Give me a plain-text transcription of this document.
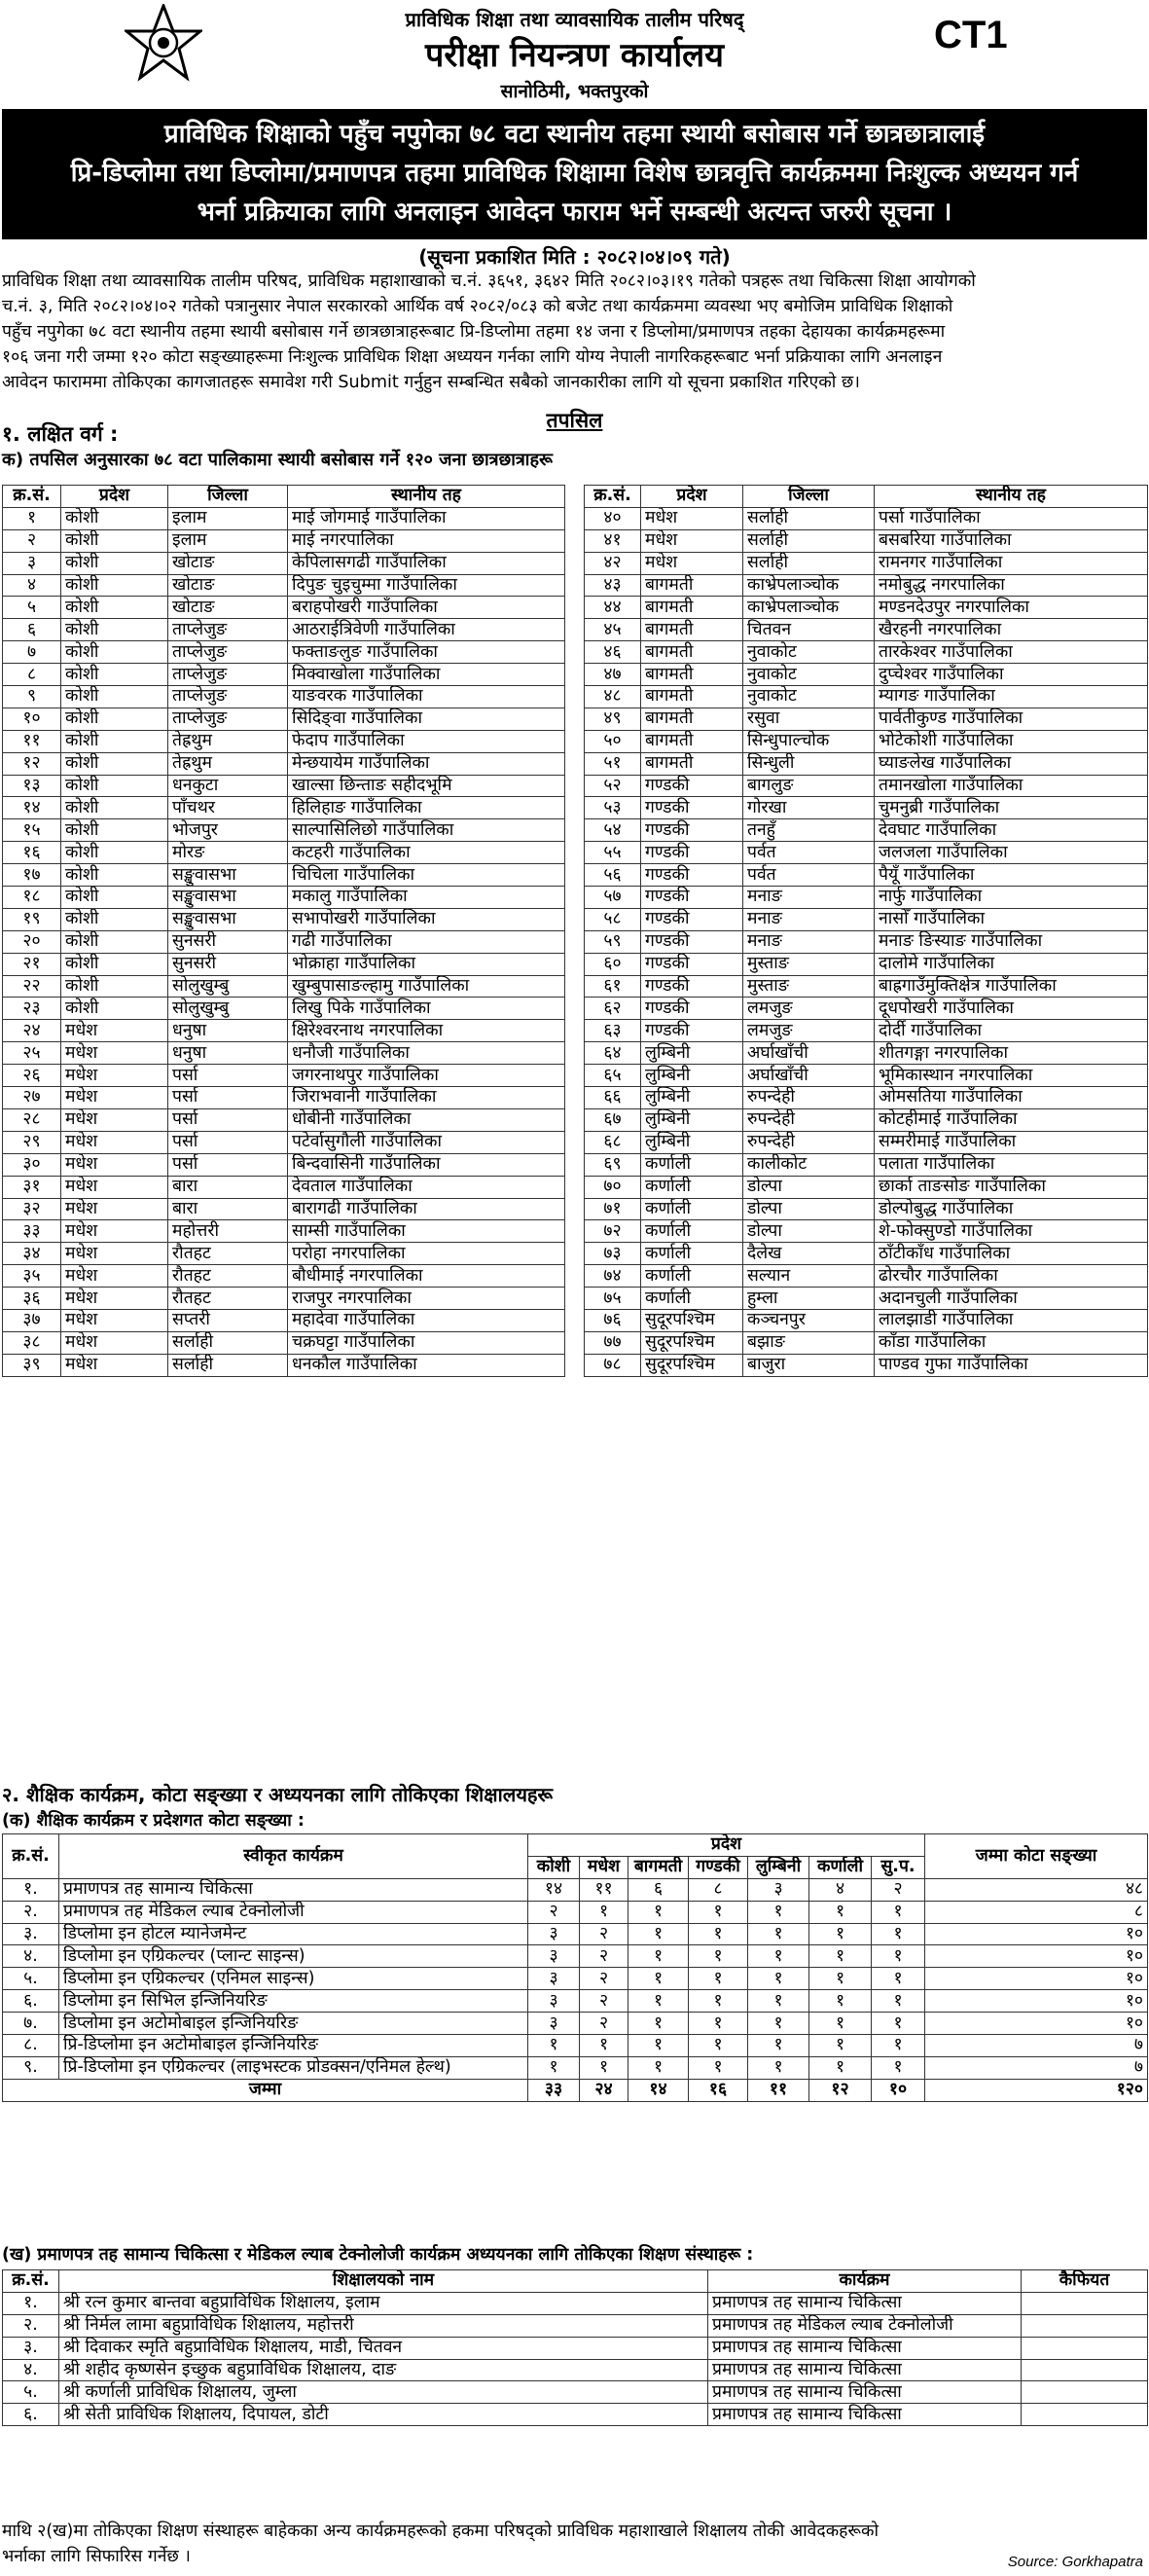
प्राविधिक शिक्षा तथा व्यावसायिक तालीम परिषद्
परीक्षा नियन्त्रण कार्यालय
सानोठिमी, भक्तपुरको
CT1
प्राविधिक शिक्षाको पहुँच नपुगेका ७८ वटा स्थानीय तहमा स्थायी बसोबास गर्ने छात्रछात्रालाई
प्रि-डिप्लोमा तथा डिप्लोमा/प्रमाणपत्र तहमा प्राविधिक शिक्षामा विशेष छात्रवृत्ति कार्यक्रममा निःशुल्क अध्ययन गर्न
भर्ना प्रक्रियाका लागि अनलाइन आवेदन फाराम भर्ने सम्बन्धी अत्यन्त जरुरी सूचना ।
(सूचना प्रकाशित मिति : २०८२।०४।०९ गते)
प्राविधिक शिक्षा तथा व्यावसायिक तालीम परिषद, प्राविधिक महाशाखाको च.नं. ३६५१, ३६४२ मिति २०८२।०३।१९ गतेको पत्रहरू तथा चिकित्सा शिक्षा आयोगको
च.नं. ३, मिति २०८२।०४।०२ गतेको पत्रानुसार नेपाल सरकारको आर्थिक वर्ष २०८२/०८३ को बजेट तथा कार्यक्रममा व्यवस्था भए बमोजिम प्राविधिक शिक्षाको
पहुँच नपुगेका ७८ वटा स्थानीय तहमा स्थायी बसोबास गर्ने छात्रछात्राहरूबाट प्रि-डिप्लोमा तहमा १४ जना र डिप्लोमा/प्रमाणपत्र तहका देहायका कार्यक्रमहरूमा
१०६ जना गरी जम्मा १२० कोटा सङ्ख्याहरूमा निःशुल्क प्राविधिक शिक्षा अध्ययन गर्नका लागि योग्य नेपाली नागरिकहरूबाट भर्ना प्रक्रियाका लागि अनलाइन
आवेदन फाराममा तोकिएका कागजातहरू समावेश गरी Submit गर्नुहुन सम्बन्धित सबैको जानकारीका लागि यो सूचना प्रकाशित गरिएको छ।
तपसिल
१. लक्षित वर्ग :
क) तपसिल अनुसारका ७८ वटा पालिकामा स्थायी बसोबास गर्ने १२० जना छात्रछात्राहरू
क्र.सं.	प्रदेश	जिल्ला	स्थानीय तह
१	कोशी	इलाम	माई जोगमाई गाउँपालिका
२	कोशी	इलाम	माई नगरपालिका
३	कोशी	खोटाङ	केपिलासगढी गाउँपालिका
४	कोशी	खोटाङ	दिपुङ चुइचुम्मा गाउँपालिका
५	कोशी	खोटाङ	बराहपोखरी गाउँपालिका
६	कोशी	ताप्लेजुङ	आठराईत्रिवेणी गाउँपालिका
७	कोशी	ताप्लेजुङ	फक्ताङलुङ गाउँपालिका
८	कोशी	ताप्लेजुङ	मिक्वाखोला गाउँपालिका
९	कोशी	ताप्लेजुङ	याङवरक गाउँपालिका
१०	कोशी	ताप्लेजुङ	सिदिङ्वा गाउँपालिका
११	कोशी	तेह्रथुम	फेदाप गाउँपालिका
१२	कोशी	तेह्रथुम	मेन्छयायेम गाउँपालिका
१३	कोशी	धनकुटा	खाल्सा छिन्ताङ सहीदभूमि
१४	कोशी	पाँचथर	हिलिहाङ गाउँपालिका
१५	कोशी	भोजपुर	साल्पासिलिछो गाउँपालिका
१६	कोशी	मोरङ	कटहरी गाउँपालिका
१७	कोशी	सङ्खुवासभा	चिचिला गाउँपालिका
१८	कोशी	सङ्खुवासभा	मकालु गाउँपालिका
१९	कोशी	सङ्खुवासभा	सभापोखरी गाउँपालिका
२०	कोशी	सुनसरी	गढी गाउँपालिका
२१	कोशी	सुनसरी	भोक्राहा गाउँपालिका
२२	कोशी	सोलुखुम्बु	खुम्बुपासाङल्हामु गाउँपालिका
२३	कोशी	सोलुखुम्बु	लिखु पिके गाउँपालिका
२४	मधेश	धनुषा	क्षिरेश्वरनाथ नगरपालिका
२५	मधेश	धनुषा	धनौजी गाउँपालिका
२६	मधेश	पर्सा	जगरनाथपुर गाउँपालिका
२७	मधेश	पर्सा	जिराभवानी गाउँपालिका
२८	मधेश	पर्सा	धोबीनी गाउँपालिका
२९	मधेश	पर्सा	पटेर्वासुगौली गाउँपालिका
३०	मधेश	पर्सा	बिन्दवासिनी गाउँपालिका
३१	मधेश	बारा	देवताल गाउँपालिका
३२	मधेश	बारा	बारागढी गाउँपालिका
३३	मधेश	महोत्तरी	साम्सी गाउँपालिका
३४	मधेश	रौतहट	परोहा नगरपालिका
३५	मधेश	रौतहट	बौधीमाई नगरपालिका
३६	मधेश	रौतहट	राजपुर नगरपालिका
३७	मधेश	सप्तरी	महादेवा गाउँपालिका
३८	मधेश	सर्लाही	चक्रघट्टा गाउँपालिका
३९	मधेश	सर्लाही	धनकौल गाउँपालिका
क्र.सं.	प्रदेश	जिल्ला	स्थानीय तह
४०	मधेश	सर्लाही	पर्सा गाउँपालिका
४१	मधेश	सर्लाही	बसबरिया गाउँपालिका
४२	मधेश	सर्लाही	रामनगर गाउँपालिका
४३	बागमती	काभ्रेपलाञ्चोक	नमोबुद्ध नगरपालिका
४४	बागमती	काभ्रेपलाञ्चोक	मण्डनदेउपुर नगरपालिका
४५	बागमती	चितवन	खैरहनी नगरपालिका
४६	बागमती	नुवाकोट	तारकेश्वर गाउँपालिका
४७	बागमती	नुवाकोट	दुप्चेश्वर गाउँपालिका
४८	बागमती	नुवाकोट	म्यागङ गाउँपालिका
४९	बागमती	रसुवा	पार्वतीकुण्ड गाउँपालिका
५०	बागमती	सिन्धुपाल्चोक	भोटेकोशी गाउँपालिका
५१	बागमती	सिन्धुली	घ्याङलेख गाउँपालिका
५२	गण्डकी	बागलुङ	तमानखोला गाउँपालिका
५३	गण्डकी	गोरखा	चुमनुब्री गाउँपालिका
५४	गण्डकी	तनहुँ	देवघाट गाउँपालिका
५५	गण्डकी	पर्वत	जलजला गाउँपालिका
५६	गण्डकी	पर्वत	पैयूँ गाउँपालिका
५७	गण्डकी	मनाङ	नार्फु गाउँपालिका
५८	गण्डकी	मनाङ	नासोँ गाउँपालिका
५९	गण्डकी	मनाङ	मनाङ ङिस्याङ गाउँपालिका
६०	गण्डकी	मुस्ताङ	दालोमे गाउँपालिका
६१	गण्डकी	मुस्ताङ	बाह्रगाउँमुक्तिक्षेत्र गाउँपालिका
६२	गण्डकी	लमजुङ	दूधपोखरी गाउँपालिका
६३	गण्डकी	लमजुङ	दोर्दी गाउँपालिका
६४	लुम्बिनी	अर्घाखाँची	शीतगङ्गा नगरपालिका
६५	लुम्बिनी	अर्घाखाँची	भूमिकास्थान नगरपालिका
६६	लुम्बिनी	रुपन्देही	ओमसतिया गाउँपालिका
६७	लुम्बिनी	रुपन्देही	कोटहीमाई गाउँपालिका
६८	लुम्बिनी	रुपन्देही	सम्मरीमाई गाउँपालिका
६९	कर्णाली	कालीकोट	पलाता गाउँपालिका
७०	कर्णाली	डोल्पा	छार्का ताङसोङ गाउँपालिका
७१	कर्णाली	डोल्पा	डोल्पोबुद्ध गाउँपालिका
७२	कर्णाली	डोल्पा	शे-फोक्सुण्डो गाउँपालिका
७३	कर्णाली	दैलेख	ठाँटीकाँध गाउँपालिका
७४	कर्णाली	सल्यान	ढोरचौर गाउँपालिका
७५	कर्णाली	हुम्ला	अदानचुली गाउँपालिका
७६	सुदूरपश्चिम	कञ्चनपुर	लालझाडी गाउँपालिका
७७	सुदूरपश्चिम	बझाङ	काँडा गाउँपालिका
७८	सुदूरपश्चिम	बाजुरा	पाण्डव गुफा गाउँपालिका
२. शैक्षिक कार्यक्रम, कोटा सङ्ख्या र अध्ययनका लागि तोकिएका शिक्षालयहरू
(क) शैक्षिक कार्यक्रम र प्रदेशगत कोटा सङ्ख्या :
क्र.सं.	स्वीकृत कार्यक्रम	प्रदेश							जम्मा कोटा सङ्ख्या
		कोशी	मधेश	बागमती	गण्डकी	लुम्बिनी	कर्णाली	सु.प.	
१.	प्रमाणपत्र तह सामान्य चिकित्सा	१४	११	६	८	३	४	२	४८
२.	प्रमाणपत्र तह मेडिकल ल्याब टेक्नोलोजी	२	१	१	१	१	१	१	८
३.	डिप्लोमा इन होटल म्यानेजमेन्ट	३	२	१	१	१	१	१	१०
४.	डिप्लोमा इन एग्रिकल्चर (प्लान्ट साइन्स)	३	२	१	१	१	१	१	१०
५.	डिप्लोमा इन एग्रिकल्चर (एनिमल साइन्स)	३	२	१	१	१	१	१	१०
६.	डिप्लोमा इन सिभिल इन्जिनियरिङ	३	२	१	१	१	१	१	१०
७.	डिप्लोमा इन अटोमोबाइल इन्जिनियरिङ	३	२	१	१	१	१	१	१०
८.	प्रि-डिप्लोमा इन अटोमोबाइल इन्जिनियरिङ	१	१	१	१	१	१	१	७
९.	प्रि-डिप्लोमा इन एग्रिकल्चर (लाइभस्टक प्रोडक्सन/एनिमल हेल्थ)	१	१	१	१	१	१	१	७
जम्मा		३३	२४	१४	१६	११	१२	१०	१२०
(ख) प्रमाणपत्र तह सामान्य चिकित्सा र मेडिकल ल्याब टेक्नोलोजी कार्यक्रम अध्ययनका लागि तोकिएका शिक्षण संस्थाहरू :
क्र.सं.	शिक्षालयको नाम	कार्यक्रम	कैफियत
१.	श्री रत्न कुमार बान्तवा बहुप्राविधिक शिक्षालय, इलाम	प्रमाणपत्र तह सामान्य चिकित्सा	
२.	श्री निर्मल लामा बहुप्राविधिक शिक्षालय, महोत्तरी	प्रमाणपत्र तह मेडिकल ल्याब टेक्नोलोजी	
३.	श्री दिवाकर स्मृति बहुप्राविधिक शिक्षालय, माडी, चितवन	प्रमाणपत्र तह सामान्य चिकित्सा	
४.	श्री शहीद कृष्णसेन इच्छुक बहुप्राविधिक शिक्षालय, दाङ	प्रमाणपत्र तह सामान्य चिकित्सा	
५.	श्री कर्णाली प्राविधिक शिक्षालय, जुम्ला	प्रमाणपत्र तह सामान्य चिकित्सा	
६.	श्री सेती प्राविधिक शिक्षालय, दिपायल, डोटी	प्रमाणपत्र तह सामान्य चिकित्सा	
माथि २(ख)मा तोकिएका शिक्षण संस्थाहरू बाहेकका अन्य कार्यक्रमहरूको हकमा परिषद्को प्राविधिक महाशाखाले शिक्षालय तोकी आवेदकहरूको
भर्नाका लागि सिफारिस गर्नेछ ।	Source: Gorkhapatra
